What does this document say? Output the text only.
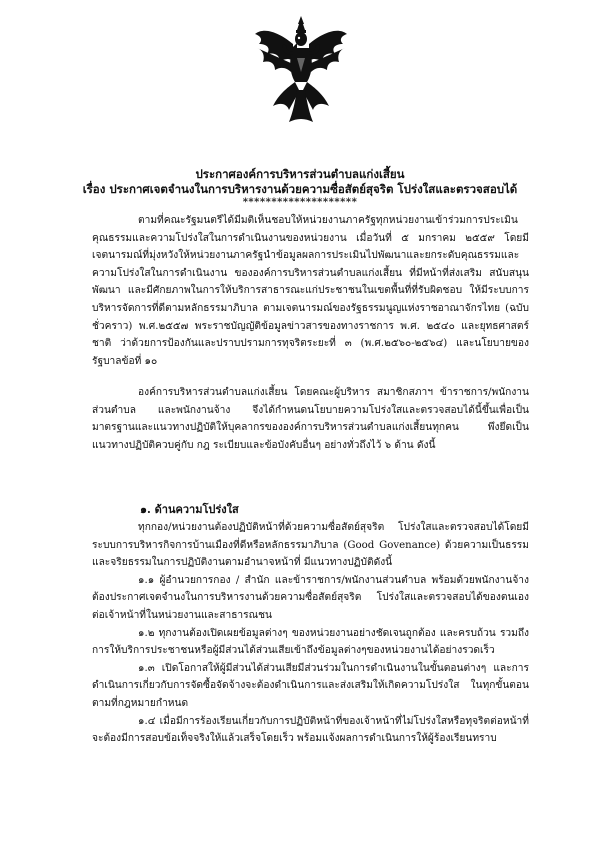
ประกาศองค์การบริหารส่วนตำบลแก่งเสี้ยน
เรื่อง ประกาศเจตจำนงในการบริหารงานด้วยความซื่อสัตย์สุจริต โปร่งใสและตรวจสอบได้
********************

ตามที่คณะรัฐมนตรีได้มีมติเห็นชอบให้หน่วยงานภาครัฐทุกหน่วยงานเข้าร่วมการประเมินคุณธรรมและความโปร่งใสในการดำเนินงานของหน่วยงาน เมื่อวันที่ ๕ มกราคม ๒๕๕๙ โดยมีเจตนารมณ์ที่มุ่งหวังให้หน่วยงานภาครัฐนำข้อมูลผลการประเมินไปพัฒนาและยกระดับคุณธรรมและความโปร่งใสในการดำเนินงาน ขององค์การบริหารส่วนตำบลแก่งเสี้ยน ที่มีหน้าที่ส่งเสริม สนับสนุน พัฒนา และมีศักยภาพในการให้บริการสาธารณะแก่ประชาชนในเขตพื้นที่ที่รับผิดชอบ ให้มีระบบการบริหารจัดการที่ดีตามหลักธรรมาภิบาล ตามเจตนารมณ์ของรัฐธรรมนูญแห่งราชอาณาจักรไทย (ฉบับชั่วคราว) พ.ศ.๒๕๕๗ พระราชบัญญัติข้อมูลข่าวสารของทางราชการ พ.ศ. ๒๕๔๐ และยุทธศาสตร์ชาติ ว่าด้วยการป้องกันและปราบปรามการทุจริตระยะที่ ๓ (พ.ศ.๒๕๖๐-๒๕๖๔) และนโยบายของรัฐบาลข้อที่ ๑๐

องค์การบริหารส่วนตำบลแก่งเสี้ยน โดยคณะผู้บริหาร สมาชิกสภาฯ ข้าราชการ/พนักงานส่วนตำบล และพนักงานจ้าง จึงได้กำหนดนโยบายความโปร่งใสและตรวจสอบได้นี้ขึ้นเพื่อเป็นมาตรฐานและแนวทางปฏิบัติให้บุคลากรขององค์การบริหารส่วนตำบลแก่งเสี้ยนทุกคน พึงยึดเป็นแนวทางปฏิบัติควบคู่กับ กฎ ระเบียบและข้อบังคับอื่นๆ อย่างทั่วถึงไว้ ๖ ด้าน ดังนี้

๑. ด้านความโปร่งใส

ทุกกอง/หน่วยงานต้องปฏิบัติหน้าที่ด้วยความซื่อสัตย์สุจริต โปร่งใสและตรวจสอบได้โดยมีระบบการบริหารกิจการบ้านเมืองที่ดีหรือหลักธรรมาภิบาล (Good Govenance) ด้วยความเป็นธรรมและจริยธรรมในการปฏิบัติงานตามอำนาจหน้าที่ มีแนวทางปฏิบัติดังนี้

๑.๑ ผู้อำนวยการกอง / สำนัก และข้าราชการ/พนักงานส่วนตำบล พร้อมด้วยพนักงานจ้าง ต้องประกาศเจตจำนงในการบริหารงานด้วยความซื่อสัตย์สุจริต โปร่งใสและตรวจสอบได้ของตนเองต่อเจ้าหน้าที่ในหน่วยงานและสาธารณชน

๑.๒ ทุกงานต้องเปิดเผยข้อมูลต่างๆ ของหน่วยงานอย่างชัดเจนถูกต้อง และครบถ้วน รวมถึงการให้บริการประชาชนหรือผู้มีส่วนได้ส่วนเสียเข้าถึงข้อมูลต่างๆของหน่วยงานได้อย่างรวดเร็ว

๑.๓ เปิดโอกาสให้ผู้มีส่วนได้ส่วนเสียมีส่วนร่วมในการดำเนินงานในขั้นตอนต่างๆ และการดำเนินการเกี่ยวกับการจัดซื้อจัดจ้างจะต้องดำเนินการและส่งเสริมให้เกิดความโปร่งใส ในทุกขั้นตอนตามที่กฎหมายกำหนด

๑.๔ เมื่อมีการร้องเรียนเกี่ยวกับการปฏิบัติหน้าที่ของเจ้าหน้าที่ไม่โปร่งใสหรือทุจริตต่อหน้าที่จะต้องมีการสอบข้อเท็จจริงให้แล้วเสร็จโดยเร็ว พร้อมแจ้งผลการดำเนินการให้ผู้ร้องเรียนทราบ
